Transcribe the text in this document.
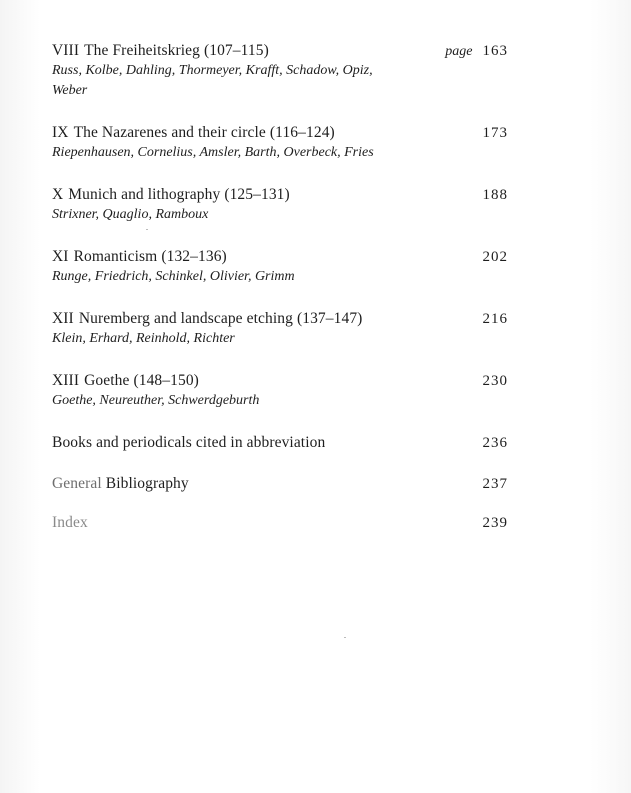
VIII The Freiheitskrieg (107–115)	page 163
Russ, Kolbe, Dahling, Thormeyer, Krafft, Schadow, Opiz, Weber
IX The Nazarenes and their circle (116–124)	173
Riepenhausen, Cornelius, Amsler, Barth, Overbeck, Fries
X Munich and lithography (125–131)	188
Strixner, Quaglio, Ramboux
XI Romanticism (132–136)	202
Runge, Friedrich, Schinkel, Olivier, Grimm
XII Nuremberg and landscape etching (137–147)	216
Klein, Erhard, Reinhold, Richter
XIII Goethe (148–150)	230
Goethe, Neureuther, Schwerdgeburth
Books and periodicals cited in abbreviation	236
General Bibliography	237
Index	239
